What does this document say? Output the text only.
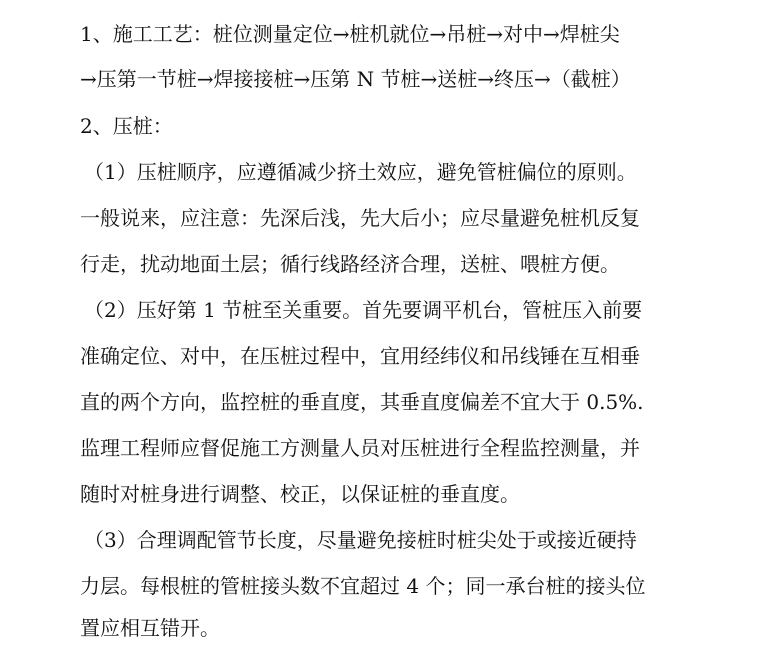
1、施工工艺：桩位测量定位→桩机就位→吊桩→对中→焊桩尖

→压第一节桩→焊接接桩→压第 N 节桩→送桩→终压→（截桩）

2、压桩：

（1）压桩顺序，应遵循减少挤土效应，避免管桩偏位的原则。

一般说来，应注意：先深后浅，先大后小；应尽量避免桩机反复

行走，扰动地面土层；循行线路经济合理，送桩、喂桩方便。

（2）压好第 1 节桩至关重要。首先要调平机台，管桩压入前要

准确定位、对中，在压桩过程中，宜用经纬仪和吊线锤在互相垂

直的两个方向，监控桩的垂直度，其垂直度偏差不宜大于 0.5%.

监理工程师应督促施工方测量人员对压桩进行全程监控测量，并

随时对桩身进行调整、校正，以保证桩的垂直度。

（3）合理调配管节长度，尽量避免接桩时桩尖处于或接近硬持

力层。每根桩的管桩接头数不宜超过 4 个；同一承台桩的接头位

置应相互错开。
